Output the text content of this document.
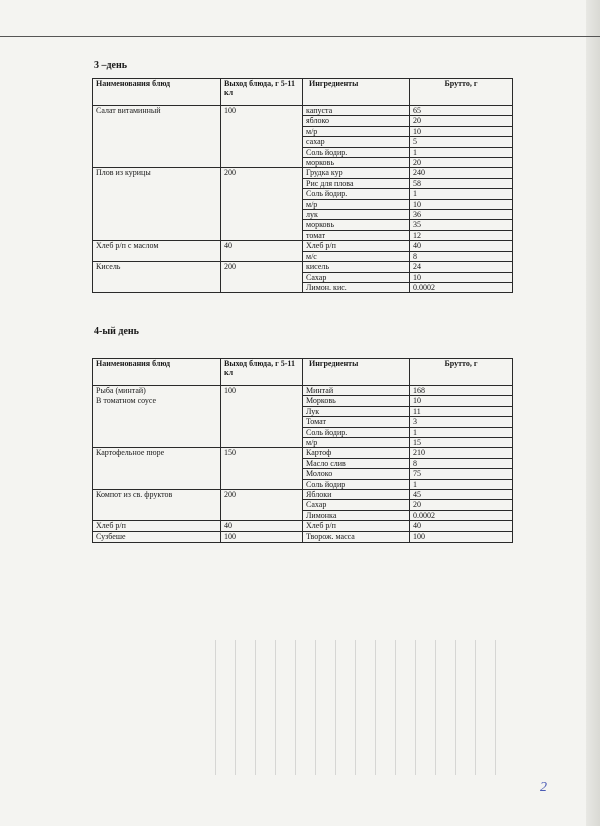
3 –день
Наименования блюд	Выход блюда, г 5-11 кл	Ингредиенты	Брутто, г
Салат витаминный	100	капуста	65
		яблоко	20
		м/р	10
		сахар	5
		Соль йодир.	1
		морковь	20
Плов из курицы	200	Грудка кур	240
		Рис для плова	58
		Соль йодир.	1
		м/р	10
		лук	36
		морковь	35
		томат	12
Хлеб р/п с маслом	40	Хлеб р/п	40
		м/с	8
Кисель	200	кисель	24
		Сахар	10
		Лимон. кис.	0.0002
4-ый день
Наименования блюд	Выход блюда, г 5-11 кл	Ингредиенты	Брутто, г
Рыба (минтай)
В томатном соусе	100	Минтай	168
		Морковь	10
		Лук	11
		Томат	3
		Соль йодир.	1
		м/р	15
Картофельное пюре	150	Картоф	210
		Масло слив	8
		Молоко	75
		Соль йодир	1
Компот из св. фруктов	200	Яблоки	45
		Сахар	20
		Лимонка	0.0002
Хлеб р/п	40	Хлеб р/п	40
Сузбеше	100	Творож. масса	100
2
